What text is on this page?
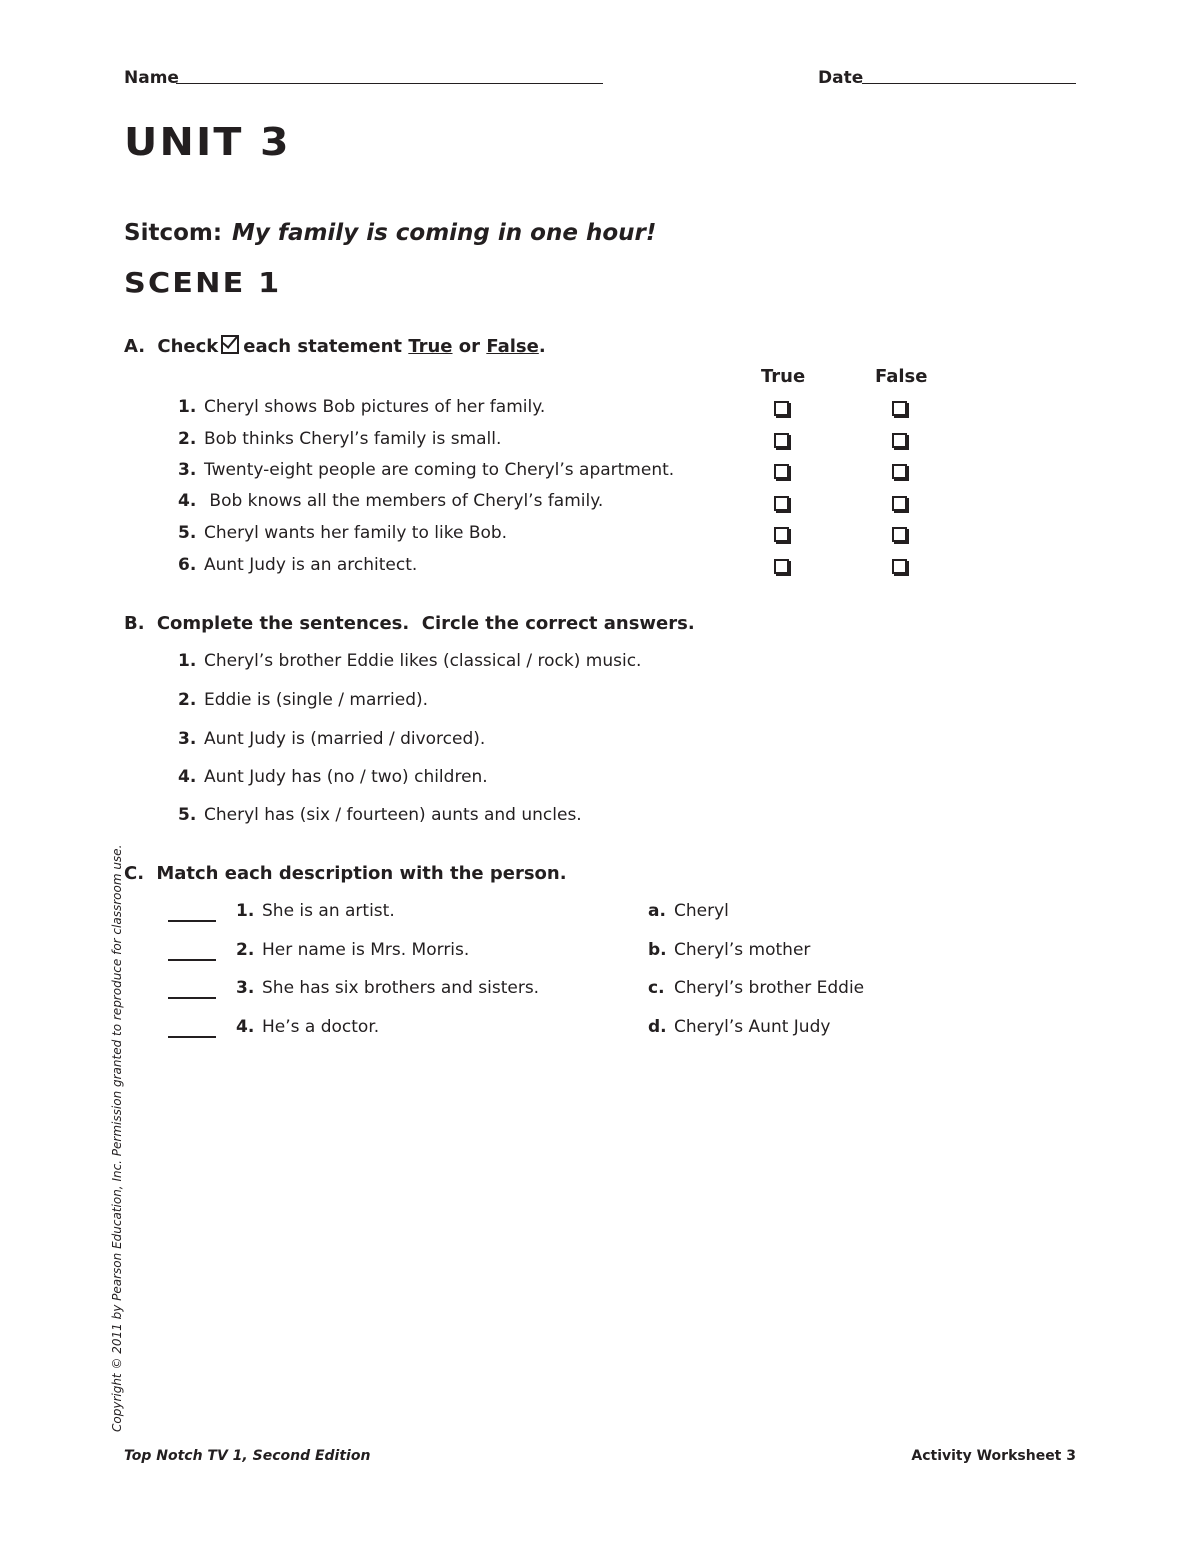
Name	Date
UNIT 3
Sitcom: My family is coming in one hour!
SCENE 1
A. Check each statement True or False.
True	False
1. Cheryl shows Bob pictures of her family.
2. Bob thinks Cheryl’s family is small.
3. Twenty-eight people are coming to Cheryl’s apartment.
4. Bob knows all the members of Cheryl’s family.
5. Cheryl wants her family to like Bob.
6. Aunt Judy is an architect.
B. Complete the sentences.  Circle the correct answers.
1. Cheryl’s brother Eddie likes (classical / rock) music.
2. Eddie is (single / married).
3. Aunt Judy is (married / divorced).
4. Aunt Judy has (no / two) children.
5. Cheryl has (six / fourteen) aunts and uncles.
C. Match each description with the person.
1. She is an artist.	a. Cheryl
2. Her name is Mrs. Morris.	b. Cheryl’s mother
3. She has six brothers and sisters.	c. Cheryl’s brother Eddie
4. He’s a doctor.	d. Cheryl’s Aunt Judy
Copyright © 2011 by Pearson Education, Inc. Permission granted to reproduce for classroom use.
Top Notch TV 1, Second Edition	Activity Worksheet 3
